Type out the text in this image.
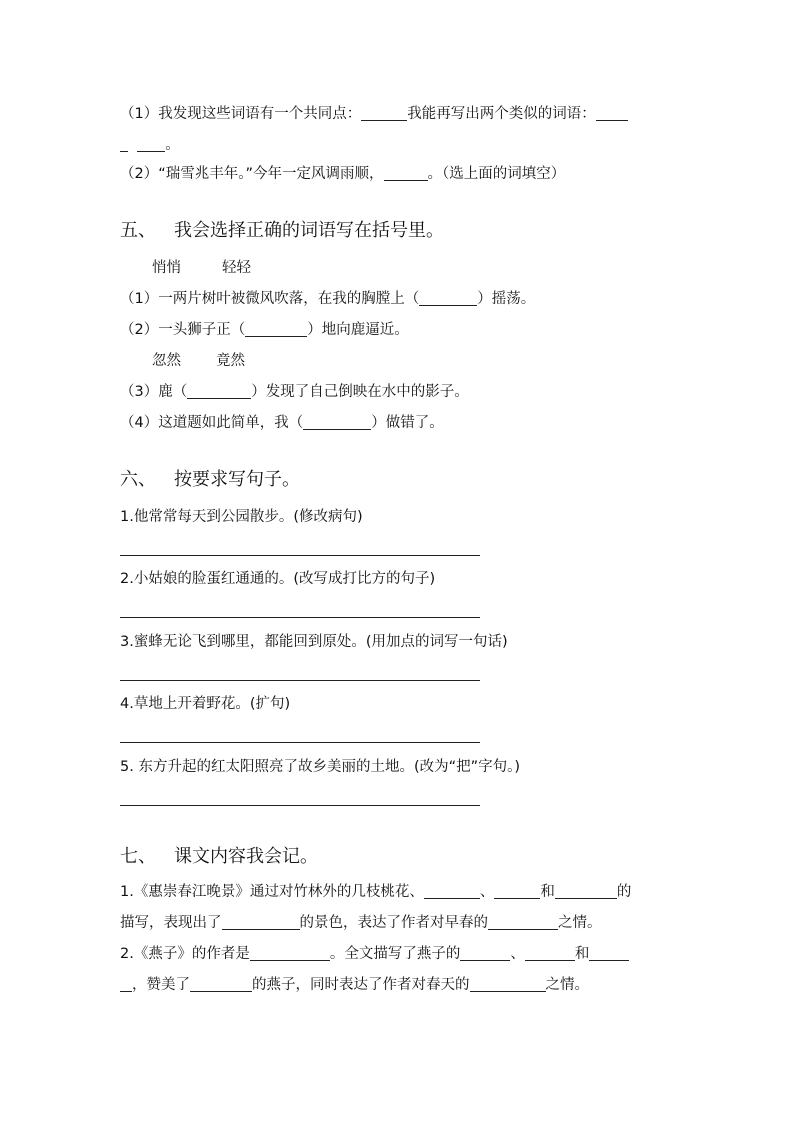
（1）我发现这些词语有一个共同点：	我能再写出两个类似的词语：
。
（2）“瑞雪兆丰年。”今年一定风调雨顺，	。（选上面的词填空）
五、 我会选择正确的词语写在括号里。
悄悄	轻轻
（1）一两片树叶被微风吹落，在我的胸膛上（	）摇荡。
（2）一头狮子正（	）地向鹿逼近。
忽然 竟然
（3）鹿（	）发现了自己倒映在水中的影子。
（4）这道题如此简单，我（	）做错了。
六、 按要求写句子。
1.他常常每天到公园散步。(修改病句)
2.小姑娘的脸蛋红通通的。(改写成打比方的句子)
3.蜜蜂无论飞到哪里，都能回到原处。(用加点的词写一句话)
4.草地上开着野花。(扩句)
5. 东方升起的红太阳照亮了故乡美丽的土地。(改为“把”字句。)
七、 课文内容我会记。
1.《惠崇春江晚景》通过对竹林外的几枝桃花、	、	和	的
描写，表现出了	的景色，表达了作者对早春的	之情。
2.《燕子》的作者是	。全文描写了燕子的	、	和
，赞美了	的燕子，同时表达了作者对春天的	之情。
